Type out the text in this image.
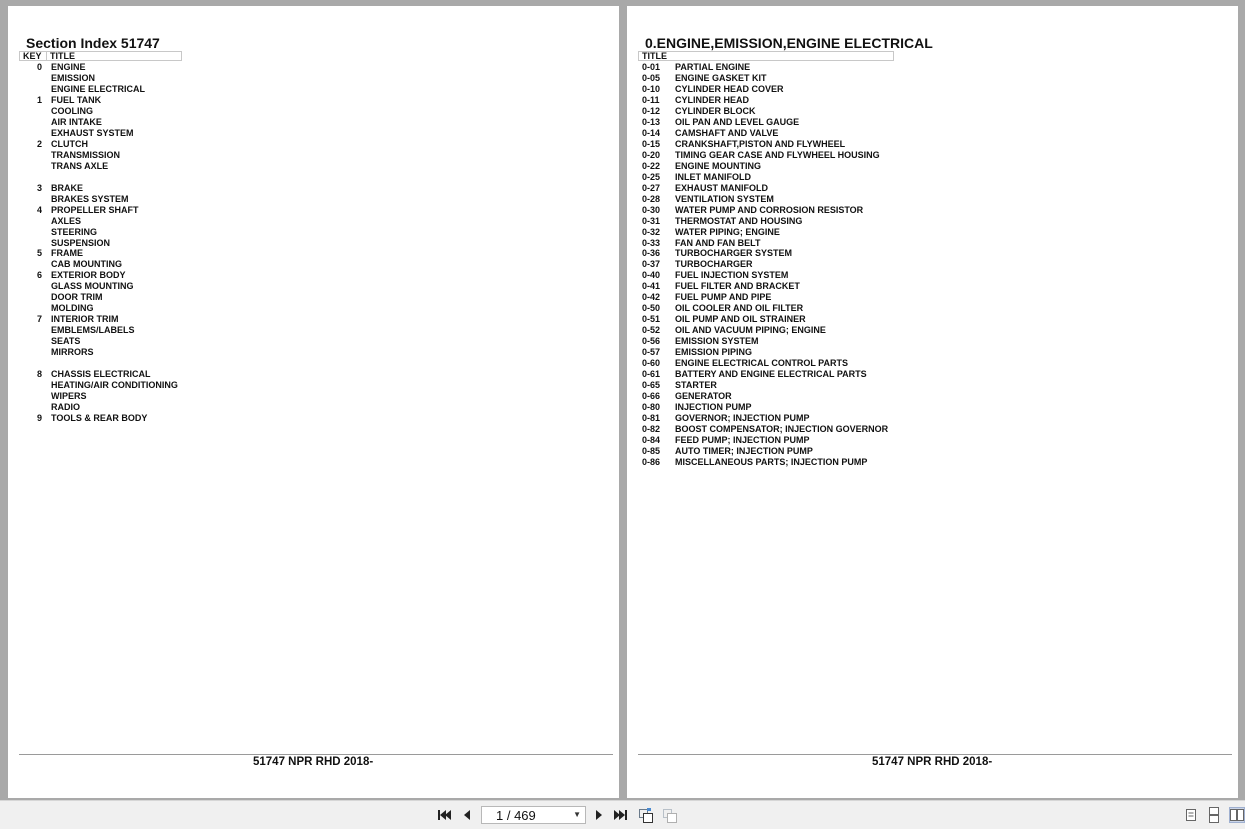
Section Index 51747
KEY TITLE
0 ENGINE
EMISSION
ENGINE ELECTRICAL
1 FUEL TANK
COOLING
AIR INTAKE
EXHAUST SYSTEM
2 CLUTCH
TRANSMISSION
TRANS AXLE
3 BRAKE
BRAKES SYSTEM
4 PROPELLER SHAFT
AXLES
STEERING
SUSPENSION
5 FRAME
CAB MOUNTING
6 EXTERIOR BODY
GLASS MOUNTING
DOOR TRIM
MOLDING
7 INTERIOR TRIM
EMBLEMS/LABELS
SEATS
MIRRORS
8 CHASSIS ELECTRICAL
HEATING/AIR CONDITIONING
WIPERS
RADIO
9 TOOLS & REAR BODY
51747 NPR RHD 2018-
0.ENGINE,EMISSION,ENGINE ELECTRICAL
TITLE
0-01 PARTIAL ENGINE
0-05 ENGINE GASKET KIT
0-10 CYLINDER HEAD COVER
0-11 CYLINDER HEAD
0-12 CYLINDER BLOCK
0-13 OIL PAN AND LEVEL GAUGE
0-14 CAMSHAFT AND VALVE
0-15 CRANKSHAFT,PISTON AND FLYWHEEL
0-20 TIMING GEAR CASE AND FLYWHEEL HOUSING
0-22 ENGINE MOUNTING
0-25 INLET MANIFOLD
0-27 EXHAUST MANIFOLD
0-28 VENTILATION SYSTEM
0-30 WATER PUMP AND CORROSION RESISTOR
0-31 THERMOSTAT AND HOUSING
0-32 WATER PIPING; ENGINE
0-33 FAN AND FAN BELT
0-36 TURBOCHARGER SYSTEM
0-37 TURBOCHARGER
0-40 FUEL INJECTION SYSTEM
0-41 FUEL FILTER AND BRACKET
0-42 FUEL PUMP AND PIPE
0-50 OIL COOLER AND OIL FILTER
0-51 OIL PUMP AND OIL STRAINER
0-52 OIL AND VACUUM PIPING; ENGINE
0-56 EMISSION SYSTEM
0-57 EMISSION PIPING
0-60 ENGINE ELECTRICAL CONTROL PARTS
0-61 BATTERY AND ENGINE ELECTRICAL PARTS
0-65 STARTER
0-66 GENERATOR
0-80 INJECTION PUMP
0-81 GOVERNOR; INJECTION PUMP
0-82 BOOST COMPENSATOR; INJECTION GOVERNOR
0-84 FEED PUMP; INJECTION PUMP
0-85 AUTO TIMER; INJECTION PUMP
0-86 MISCELLANEOUS PARTS; INJECTION PUMP
51747 NPR RHD 2018-
1 / 469	▼
